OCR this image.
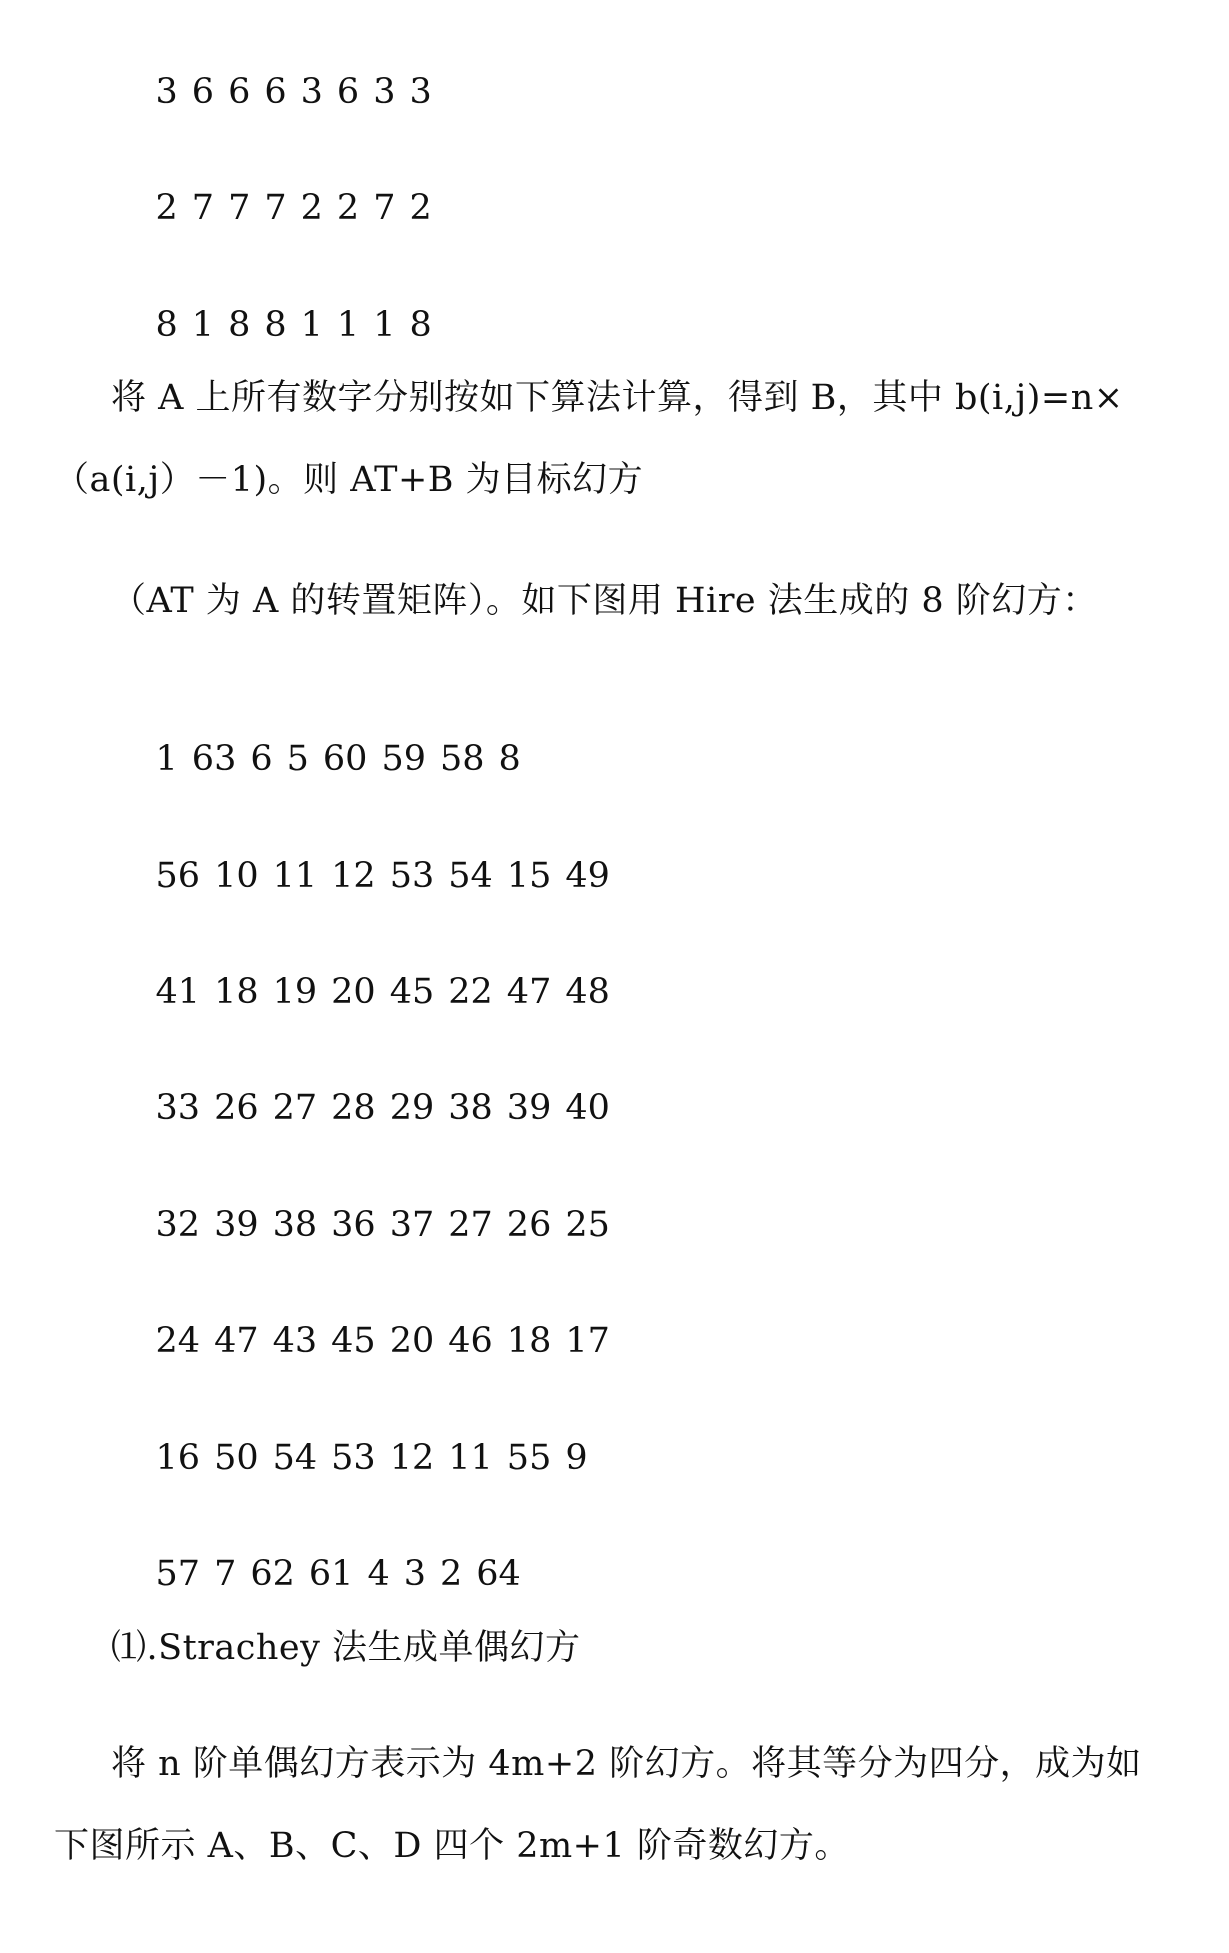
3 6 6 6 3 6 3 3

2 7 7 7 2 2 7 2

8 1 8 8 1 1 1 8

将 A 上所有数字分别按如下算法计算，得到 B，其中 b(i,j)=n×
（a(i,j）－1)。则 AT+B 为目标幻方
（AT 为 A 的转置矩阵）。如下图用 Hire 法生成的 8 阶幻方：

1 63 6 5 60 59 58 8

56 10 11 12 53 54 15 49

41 18 19 20 45 22 47 48

33 26 27 28 29 38 39 40

32 39 38 36 37 27 26 25

24 47 43 45 20 46 18 17

16 50 54 53 12 11 55 9

57 7 62 61 4 3 2 64

⑴.Strachey 法生成单偶幻方
将 n 阶单偶幻方表示为 4m+2 阶幻方。将其等分为四分，成为如
下图所示 A、B、C、D 四个 2m+1 阶奇数幻方。
